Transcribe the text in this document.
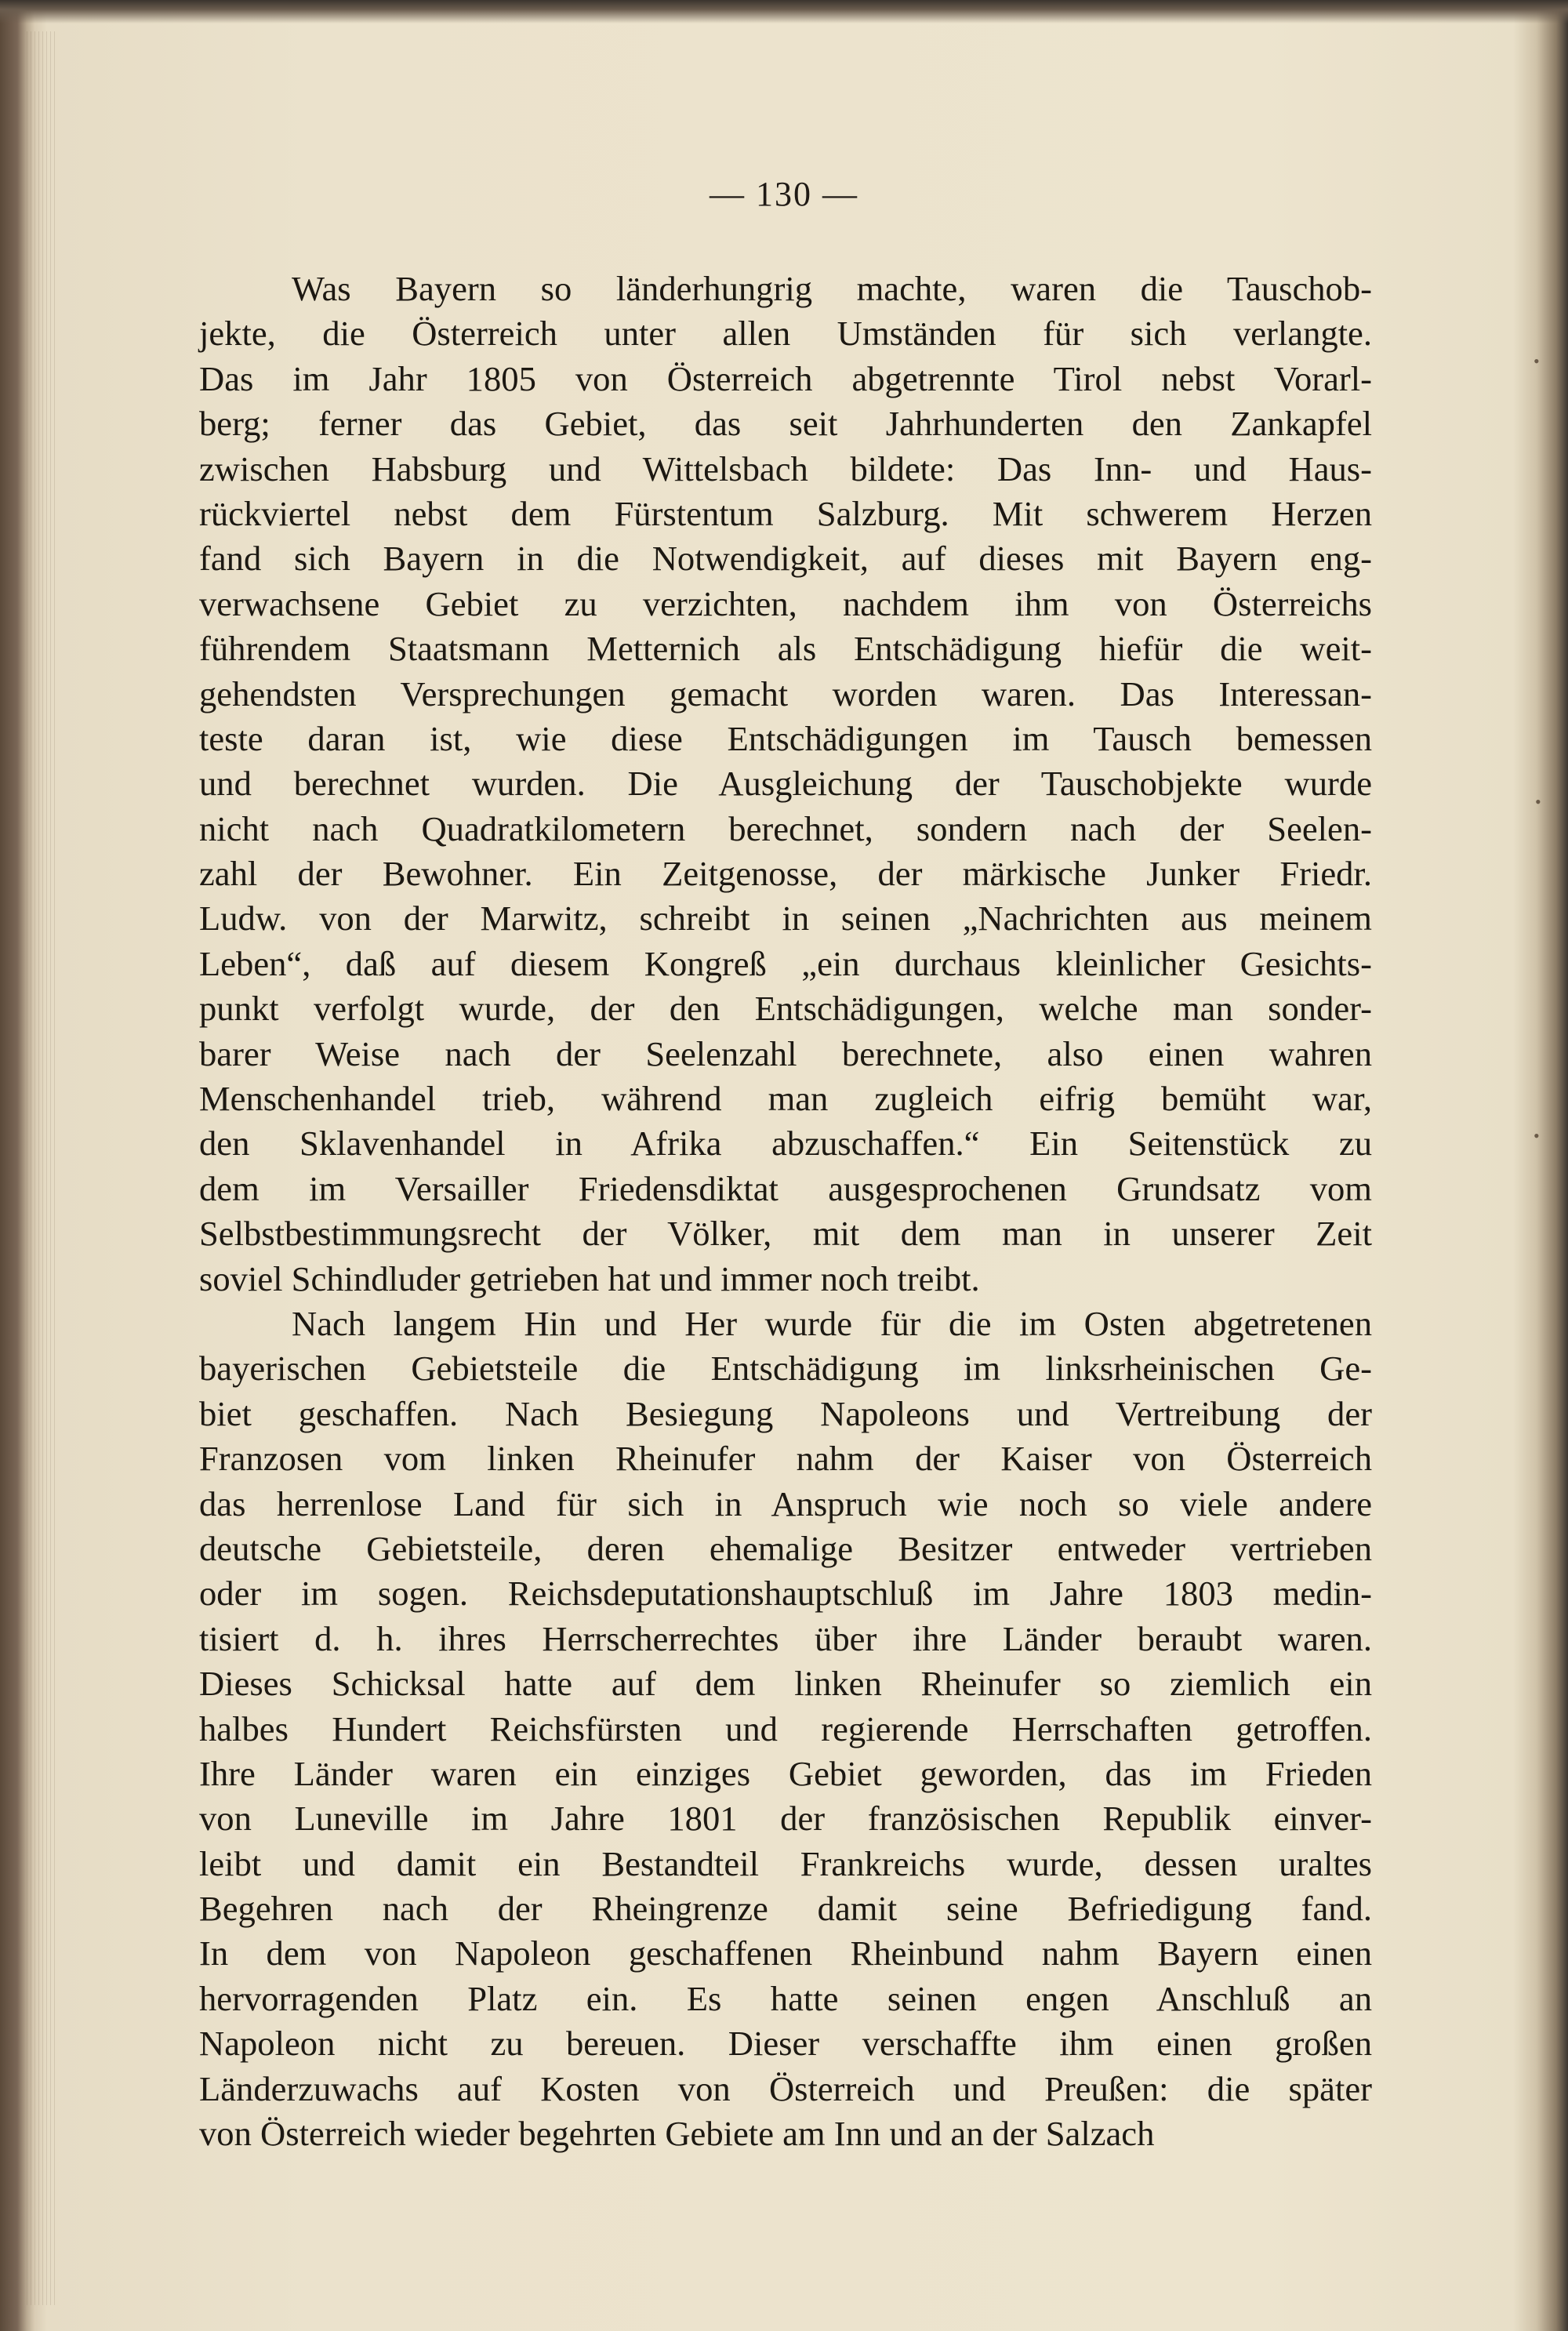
— 130 —
Was Bayern so länderhungrig machte, waren die Tauschob-
jekte, die Österreich unter allen Umständen für sich verlangte.
Das im Jahr 1805 von Österreich abgetrennte Tirol nebst Vorarl-
berg; ferner das Gebiet, das seit Jahrhunderten den Zankapfel
zwischen Habsburg und Wittelsbach bildete: Das Inn- und Haus-
rückviertel nebst dem Fürstentum Salzburg. Mit schwerem Herzen
fand sich Bayern in die Notwendigkeit, auf dieses mit Bayern eng-
verwachsene Gebiet zu verzichten, nachdem ihm von Österreichs
führendem Staatsmann Metternich als Entschädigung hiefür die weit-
gehendsten Versprechungen gemacht worden waren. Das Interessan-
teste daran ist, wie diese Entschädigungen im Tausch bemessen
und berechnet wurden. Die Ausgleichung der Tauschobjekte wurde
nicht nach Quadratkilometern berechnet, sondern nach der Seelen-
zahl der Bewohner. Ein Zeitgenosse, der märkische Junker Friedr.
Ludw. von der Marwitz, schreibt in seinen „Nachrichten aus meinem
Leben“, daß auf diesem Kongreß „ein durchaus kleinlicher Gesichts-
punkt verfolgt wurde, der den Entschädigungen, welche man sonder-
barer Weise nach der Seelenzahl berechnete, also einen wahren
Menschenhandel trieb, während man zugleich eifrig bemüht war,
den Sklavenhandel in Afrika abzuschaffen.“ Ein Seitenstück zu
dem im Versailler Friedensdiktat ausgesprochenen Grundsatz vom
Selbstbestimmungsrecht der Völker, mit dem man in unserer Zeit
soviel Schindluder getrieben hat und immer noch treibt.
Nach langem Hin und Her wurde für die im Osten abgetretenen
bayerischen Gebietsteile die Entschädigung im linksrheinischen Ge-
biet geschaffen. Nach Besiegung Napoleons und Vertreibung der
Franzosen vom linken Rheinufer nahm der Kaiser von Österreich
das herrenlose Land für sich in Anspruch wie noch so viele andere
deutsche Gebietsteile, deren ehemalige Besitzer entweder vertrieben
oder im sogen. Reichsdeputationshauptschluß im Jahre 1803 medin-
tisiert d. h. ihres Herrscherrechtes über ihre Länder beraubt waren.
Dieses Schicksal hatte auf dem linken Rheinufer so ziemlich ein
halbes Hundert Reichsfürsten und regierende Herrschaften getroffen.
Ihre Länder waren ein einziges Gebiet geworden, das im Frieden
von Luneville im Jahre 1801 der französischen Republik einver-
leibt und damit ein Bestandteil Frankreichs wurde, dessen uraltes
Begehren nach der Rheingrenze damit seine Befriedigung fand.
In dem von Napoleon geschaffenen Rheinbund nahm Bayern einen
hervorragenden Platz ein. Es hatte seinen engen Anschluß an
Napoleon nicht zu bereuen. Dieser verschaffte ihm einen großen
Länderzuwachs auf Kosten von Österreich und Preußen: die später
von Österreich wieder begehrten Gebiete am Inn und an der Salzach
•
•
•
